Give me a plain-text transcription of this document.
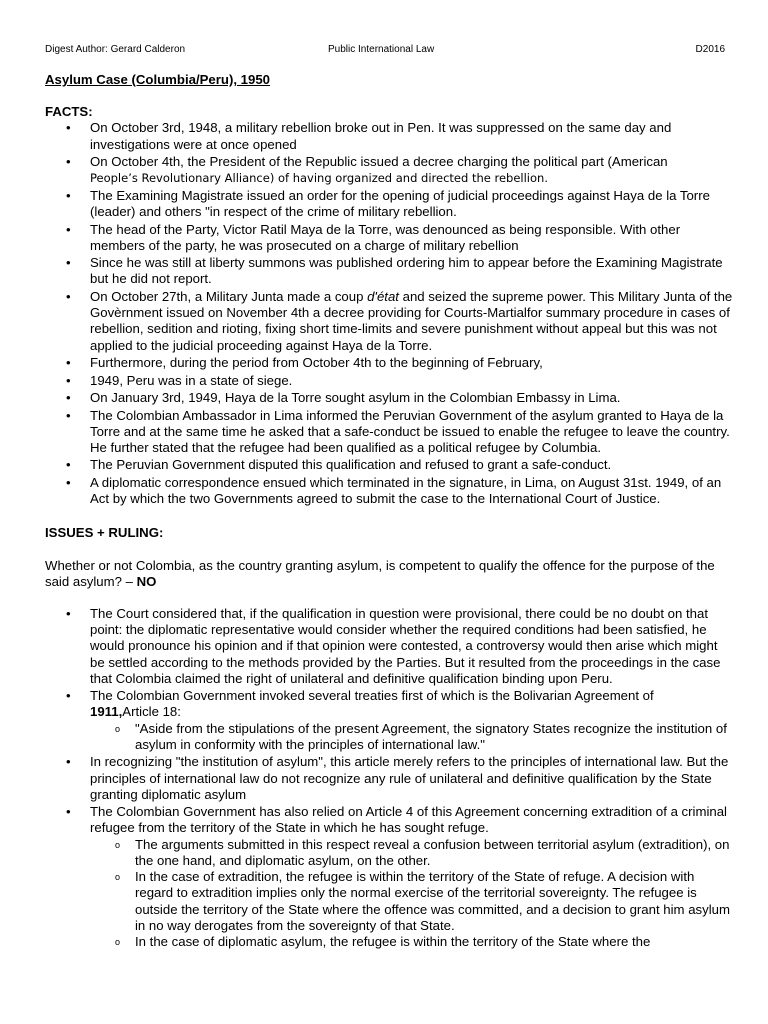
Digest Author: Gerard Calderon	Public International Law	D2016
Asylum Case (Columbia/Peru), 1950
FACTS:
• On October 3rd, 1948, a military rebellion broke out in Pen. It was suppressed on the same day and investigations were at once opened
• On October 4th, the President of the Republic issued a decree charging the political part (American
People’s Revolutionary Alliance) of having organized and directed the rebellion.
• The Examining Magistrate issued an order for the opening of judicial proceedings against Haya de la Torre (leader) and others "in respect of the crime of military rebellion.
• The head of the Party, Victor Ratil Maya de la Torre, was denounced as being responsible. With other members of the party, he was prosecuted on a charge of military rebellion
• Since he was still at liberty summons was published ordering him to appear before the Examining Magistrate but he did not report.
• On October 27th, a Military Junta made a coup d'état and seized the supreme power. This Military Junta of the Govèrnment issued on November 4th a decree providing for Courts-Martialfor summary procedure in cases of rebellion, sedition and rioting, fixing short time-limits and severe punishment without appeal but this was not applied to the judicial proceeding against Haya de la Torre.
• Furthermore, during the period from October 4th to the beginning of February,
• 1949, Peru was in a state of siege.
• On January 3rd, 1949, Haya de la Torre sought asylum in the Colombian Embassy in Lima.
• The Colombian Ambassador in Lima informed the Peruvian Government of the asylum granted to Haya de la Torre and at the same time he asked that a safe-conduct be issued to enable the refugee to leave the country. He further stated that the refugee had been qualified as a political refugee by Columbia.
• The Peruvian Government disputed this qualification and refused to grant a safe-conduct.
• A diplomatic correspondence ensued which terminated in the signature, in Lima, on August 31st. 1949, of an Act by which the two Governments agreed to submit the case to the International Court of Justice.
ISSUES + RULING:
Whether or not Colombia, as the country granting asylum, is competent to qualify the offence for the purpose of the said asylum? – NO
• The Court considered that, if the qualification in question were provisional, there could be no doubt on that point: the diplomatic representative would consider whether the required conditions had been satisfied, he would pronounce his opinion and if that opinion were contested, a controversy would then arise which might be settled according to the methods provided by the Parties. But it resulted from the proceedings in the case that Colombia claimed the right of unilateral and definitive qualification binding upon Peru.
• The Colombian Government invoked several treaties first of which is the Bolivarian Agreement of
1911,Article 18:
o "Aside from the stipulations of the present Agreement, the signatory States recognize the institution of asylum in conformity with the principles of international law."
• In recognizing "the institution of asylum", this article merely refers to the principles of international law. But the principles of international law do not recognize any rule of unilateral and definitive qualification by the State granting diplomatic asylum
• The Colombian Government has also relied on Article 4 of this Agreement concerning extradition of a criminal refugee from the territory of the State in which he has sought refuge.
o The arguments submitted in this respect reveal a confusion between territorial asylum (extradition), on the one hand, and diplomatic asylum, on the other.
o In the case of extradition, the refugee is within the territory of the State of refuge. A decision with regard to extradition implies only the normal exercise of the territorial sovereignty. The refugee is outside the territory of the State where the offence was committed, and a decision to grant him asylum in no way derogates from the sovereignty of that State.
o In the case of diplomatic asylum, the refugee is within the territory of the State where the
